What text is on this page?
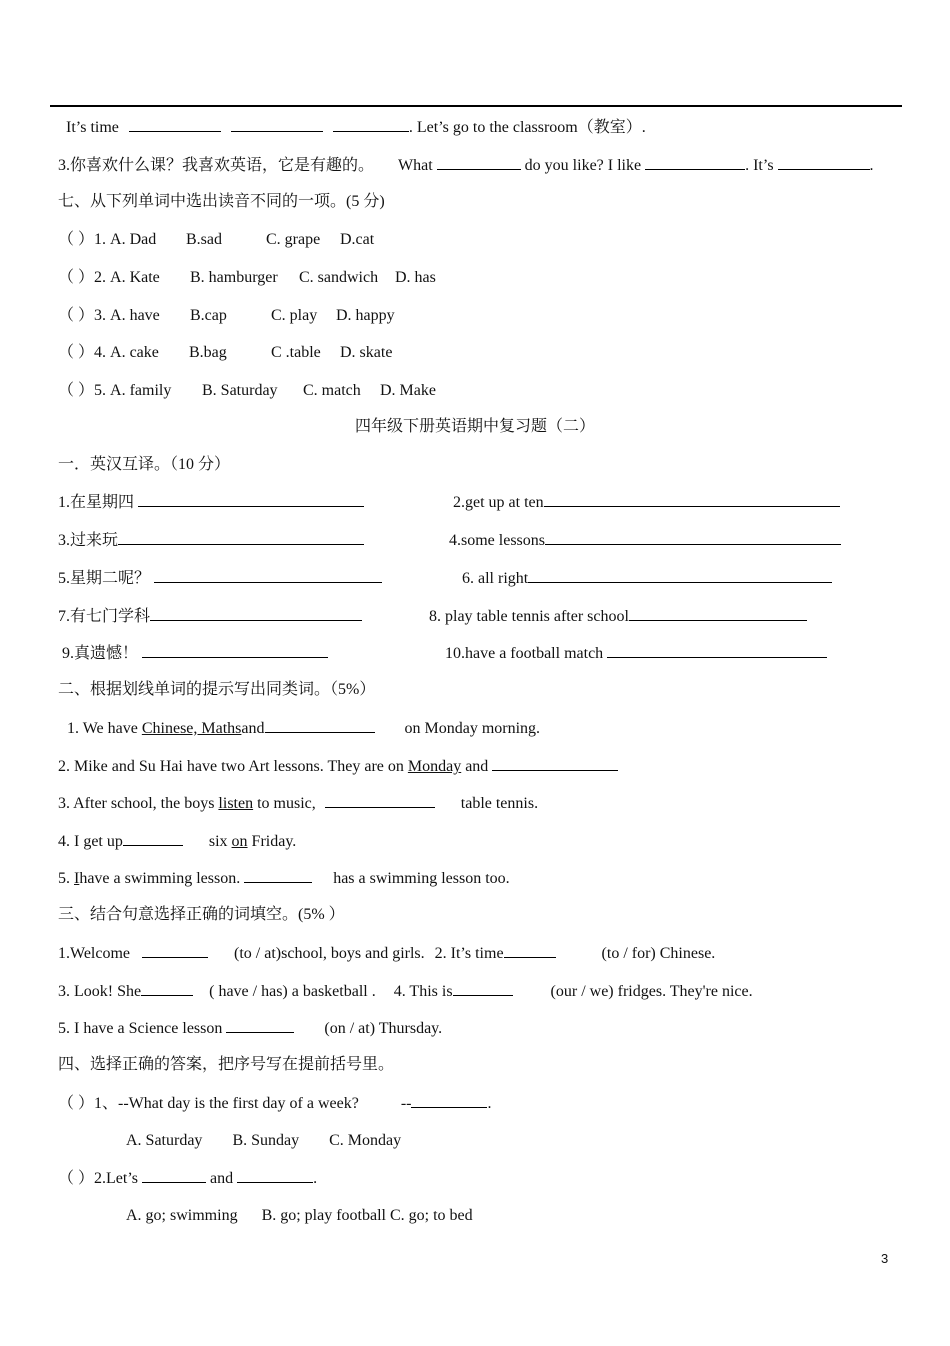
It’s time	. Let’s go to the classroom（教室）.
3.你喜欢什么课？我喜欢英语，它是有趣的。 What	do you like? I like	. It’s	.
七、从下列单词中选出读音不同的一项。(5 分)
（ ）1. A. Dad B.sad	C. grape D.cat
（ ）2. A. Kate B. hamburger C. sandwich D. has
（ ）3. A. have B.cap	C. play D. happy
（ ）4. A. cake B.bag	C .table D. skate
（ ）5. A. family B. Saturday C. match D. Make
四年级下册英语期中复习题（二）
一．英汉互译。（10 分）
1.在星期四	2.get up at ten
3.过来玩	4.some lessons
5.星期二呢？	6. all right
7.有七门学科	8. play table tennis after school
9.真遗憾！	10.have a football match
二、根据划线单词的提示写出同类词。（5%）
1. We have Chinese, Mathsand	on Monday morning.
2. Mike and Su Hai have two Art lessons. They are on Monday and
3. After school, the boys listen to music,	table tennis.
4. I get up	six on Friday.
5. Ihave a swimming lesson.	has a swimming lesson too.
三、结合句意选择正确的词填空。(5% ）
1.Welcome	(to / at)school, boys and girls. 2. It’s time	(to / for) Chinese.
3. Look! She	( have / has) a basketball . 4. This is	(our / we) fridges. They're nice.
5. I have a Science lesson	(on / at) Thursday.
四、选择正确的答案，把序号写在提前括号里。
（ ）1、--What day is the first day of a week?	--	.
A. Saturday B. Sunday C. Monday
（ ）2.Let’s	and	.
A. go; swimming      B. go; play football C. go; to bed
3
